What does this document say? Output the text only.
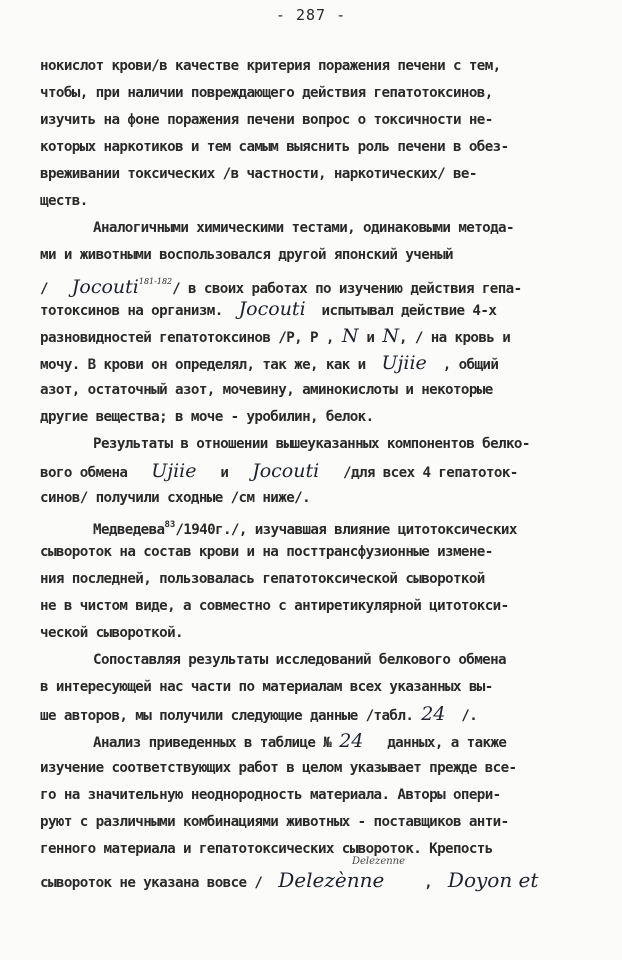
- 287 -
нокислот крови/в качестве критерия поражения печени с тем,
чтобы, при наличии повреждающего действия гепатотоксинов,
изучить на фоне поражения печени вопрос о токсичности не-
которых наркотиков и тем самым выяснить роль печени в обез-
вреживании токсических /в частности, наркотических/ ве-
ществ.
Аналогичными химическими тестами, одинаковыми метода-
ми и животными воспользовался другой японский ученый
/ Jocouti$^{181-182}$/ в своих работах по изучению действия гепа-
тотоксинов на организм. Jocouti испытывал действие 4-х
разновидностей гепатотоксинов /P, P , N и N, / на кровь и
мочу. В крови он определял, так же, как и Ujiie , общий
азот, остаточный азот, мочевину, аминокислоты и некоторые
другие вещества; в моче - уробилин, белок.
Результаты в отношении вышеуказанных компонентов белко-
вого обмена Ujiie и Jocouti /для всех 4 гепатоток-
синов/ получили сходные /см ниже/.
Медведева$^{83}$/1940г./, изучавшая влияние цитотоксических
сывороток на состав крови и на посттрансфузионные измене-
ния последней, пользовалась гепатотоксической сывороткой
не в чистом виде, а совместно с антиретикулярной цитотокси-
ческой сывороткой.
Сопоставляя результаты исследований белкового обмена
в интересующей нас части по материалам всех указанных вы-
ше авторов, мы получили следующие данные /табл. 24 /.
Анализ приведенных в таблице № 24 данных, а также
изучение соответствующих работ в целом указывает прежде все-
го на значительную неоднородность материала. Авторы опери-
руют с различными комбинациями животных - поставщиков анти-
генного материала и гепатотоксических сывороток. Крепость
Delezenne
сывороток не указана вовсе / Delezènne	, Doyon et
